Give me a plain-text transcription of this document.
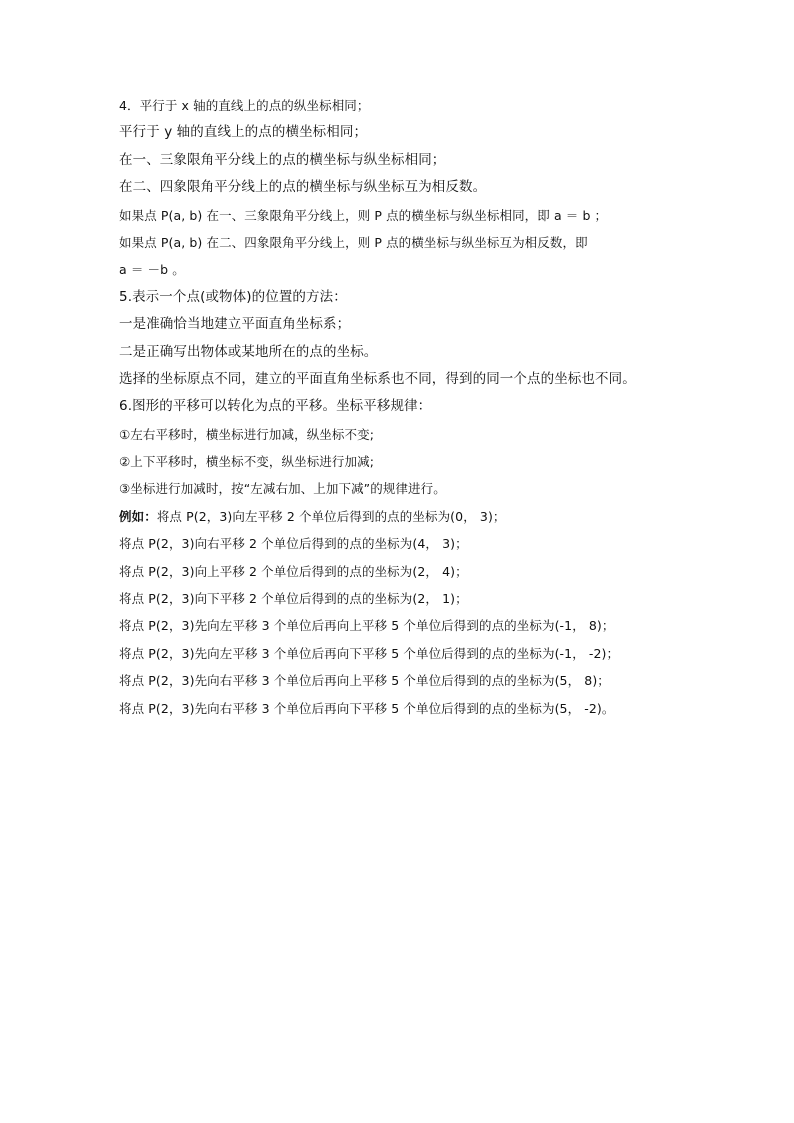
4．平行于 x 轴的直线上的点的纵坐标相同；
平行于 y 轴的直线上的点的横坐标相同；
在一、三象限角平分线上的点的横坐标与纵坐标相同；
在二、四象限角平分线上的点的横坐标与纵坐标互为相反数。
如果点 P(a, b) 在一、三象限角平分线上，则 P 点的横坐标与纵坐标相同，即 a ＝ b ；
如果点 P(a, b) 在二、四象限角平分线上，则 P 点的横坐标与纵坐标互为相反数，即
a ＝ －b 。
5.表示一个点(或物体)的位置的方法：
一是准确恰当地建立平面直角坐标系；
二是正确写出物体或某地所在的点的坐标。
选择的坐标原点不同，建立的平面直角坐标系也不同，得到的同一个点的坐标也不同。
6.图形的平移可以转化为点的平移。坐标平移规律：
①左右平移时，横坐标进行加减，纵坐标不变;
②上下平移时，横坐标不变，纵坐标进行加减;
③坐标进行加减时，按“左减右加、上加下减”的规律进行。
例如：将点 P(2，3)向左平移 2 个单位后得到的点的坐标为(0， 3)；
将点 P(2，3)向右平移 2 个单位后得到的点的坐标为(4， 3)；
将点 P(2，3)向上平移 2 个单位后得到的点的坐标为(2， 4)；
将点 P(2，3)向下平移 2 个单位后得到的点的坐标为(2， 1)；
将点 P(2，3)先向左平移 3 个单位后再向上平移 5 个单位后得到的点的坐标为(-1， 8)；
将点 P(2，3)先向左平移 3 个单位后再向下平移 5 个单位后得到的点的坐标为(-1， -2)；
将点 P(2，3)先向右平移 3 个单位后再向上平移 5 个单位后得到的点的坐标为(5， 8)；
将点 P(2，3)先向右平移 3 个单位后再向下平移 5 个单位后得到的点的坐标为(5， -2)。
